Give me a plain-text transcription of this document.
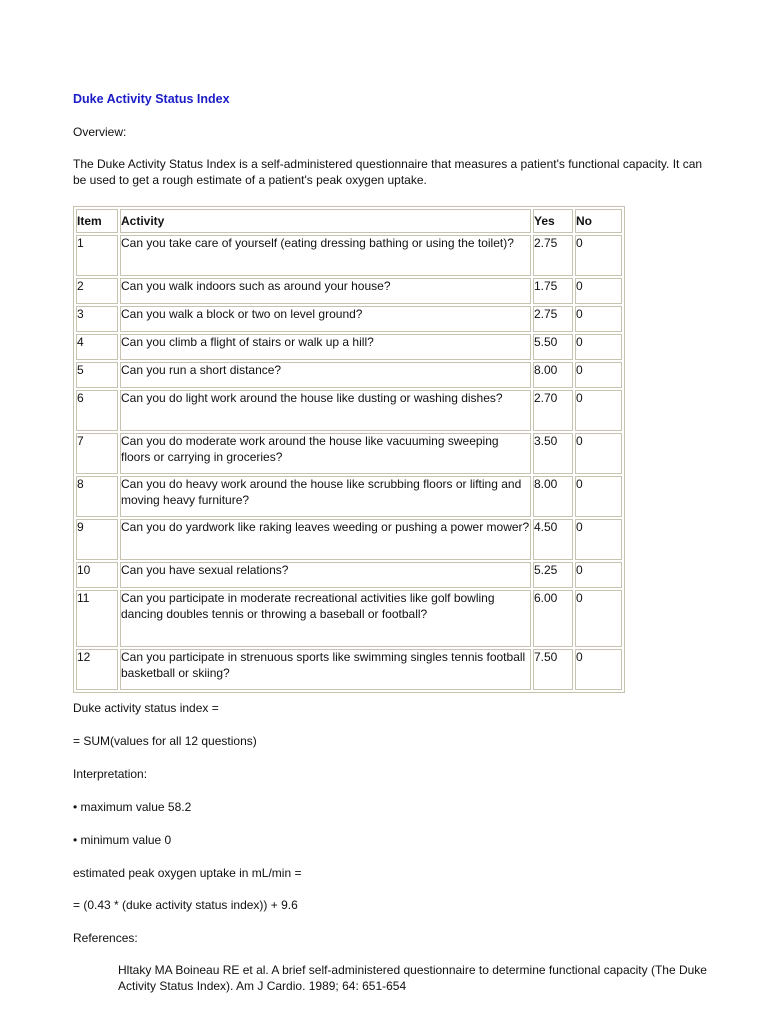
Duke Activity Status Index
Overview:
The Duke Activity Status Index is a self-administered questionnaire that measures a patient's functional capacity. It can be used to get a rough estimate of a patient's peak oxygen uptake.
Item	Activity	Yes	No
1	Can you take care of yourself (eating dressing bathing or using the toilet)?	2.75	0
2	Can you walk indoors such as around your house?	1.75	0
3	Can you walk a block or two on level ground?	2.75	0
4	Can you climb a flight of stairs or walk up a hill?	5.50	0
5	Can you run a short distance?	8.00	0
6	Can you do light work around the house like dusting or washing dishes?	2.70	0
7	Can you do moderate work around the house like vacuuming sweeping floors or carrying in groceries?	3.50	0
8	Can you do heavy work around the house like scrubbing floors or lifting and moving heavy furniture?	8.00	0
9	Can you do yardwork like raking leaves weeding or pushing a power mower?	4.50	0
10	Can you have sexual relations?	5.25	0
11	Can you participate in moderate recreational activities like golf bowling dancing doubles tennis or throwing a baseball or football?	6.00	0
12	Can you participate in strenuous sports like swimming singles tennis football basketball or skiing?	7.50	0
Duke activity status index =
= SUM(values for all 12 questions)
Interpretation:
• maximum value 58.2
• minimum value 0
estimated peak oxygen uptake in mL/min =
= (0.43 * (duke activity status index)) + 9.6
References:
Hltaky MA Boineau RE et al. A brief self-administered questionnaire to determine functional capacity (The Duke Activity Status Index). Am J Cardio. 1989; 64: 651-654
